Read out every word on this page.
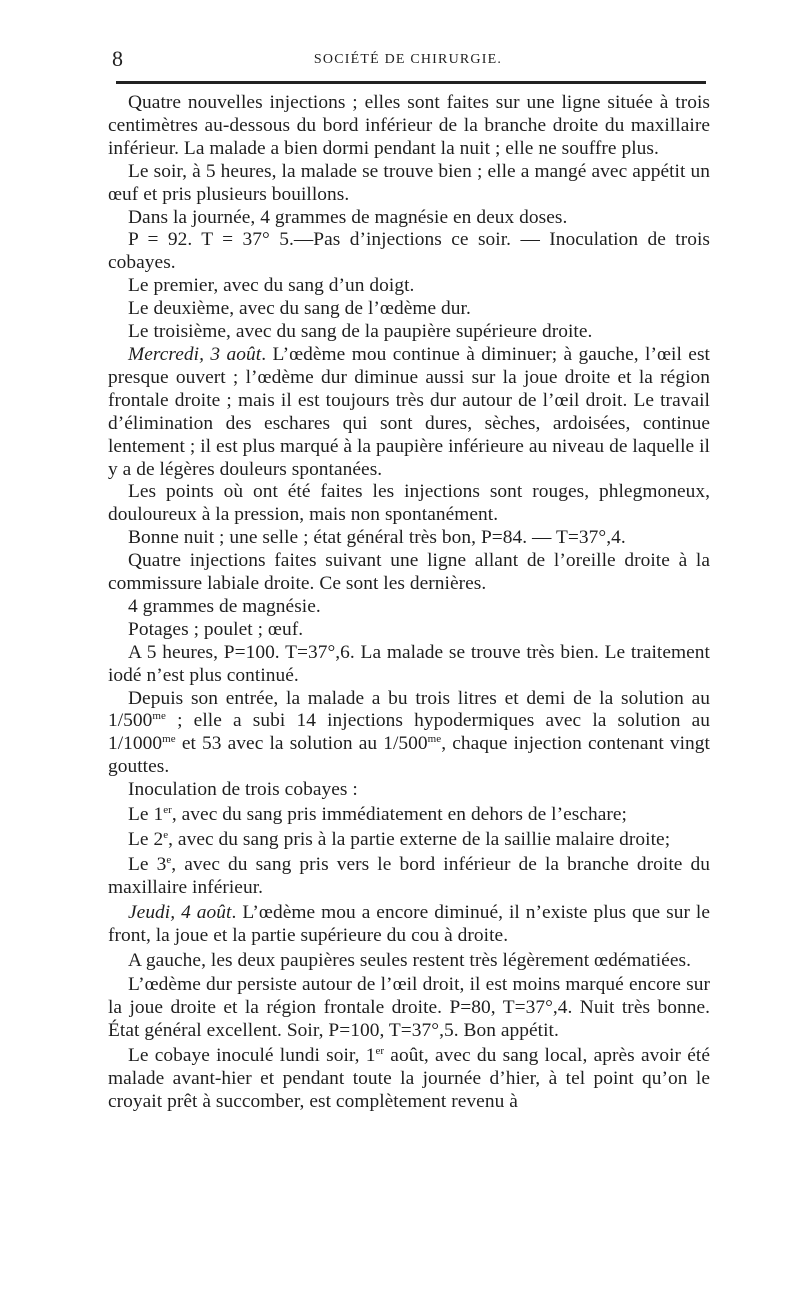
8	SOCIÉTÉ DE CHIRURGIE.

Quatre nouvelles injections ; elles sont faites sur une ligne située à trois centimètres au-dessous du bord inférieur de la branche droite du maxillaire inférieur. La malade a bien dormi pendant la nuit ; elle ne souffre plus.

Le soir, à 5 heures, la malade se trouve bien ; elle a mangé avec appétit un œuf et pris plusieurs bouillons.

Dans la journée, 4 grammes de magnésie en deux doses.

P = 92. T = 37° 5.—Pas d’injections ce soir. — Inoculation de trois cobayes.

Le premier, avec du sang d’un doigt.

Le deuxième, avec du sang de l’œdème dur.

Le troisième, avec du sang de la paupière supérieure droite.

Mercredi, 3 août. L’œdème mou continue à diminuer; à gauche, l’œil est presque ouvert ; l’œdème dur diminue aussi sur la joue droite et la région frontale droite ; mais il est toujours très dur autour de l’œil droit. Le travail d’élimination des eschares qui sont dures, sèches, ardoisées, continue lentement ; il est plus marqué à la paupière inférieure au niveau de laquelle il y a de légères douleurs spontanées.

Les points où ont été faites les injections sont rouges, phlegmoneux, douloureux à la pression, mais non spontanément.

Bonne nuit ; une selle ; état général très bon, P=84. — T=37°,4.

Quatre injections faites suivant une ligne allant de l’oreille droite à la commissure labiale droite. Ce sont les dernières.

4 grammes de magnésie.

Potages ; poulet ; œuf.

A 5 heures, P=100. T=37°,6. La malade se trouve très bien. Le traitement iodé n’est plus continué.

Depuis son entrée, la malade a bu trois litres et demi de la solution au $1/500^{me}$ ; elle a subi 14 injections hypodermiques avec la solution au $1/1000^{me}$ et 53 avec la solution au $1/500^{me}$, chaque injection contenant vingt gouttes.

Inoculation de trois cobayes :

Le 1er, avec du sang pris immédiatement en dehors de l’eschare;

Le 2e, avec du sang pris à la partie externe de la saillie malaire droite;

Le 3e, avec du sang pris vers le bord inférieur de la branche droite du maxillaire inférieur.

Jeudi, 4 août. L’œdème mou a encore diminué, il n’existe plus que sur le front, la joue et la partie supérieure du cou à droite.

A gauche, les deux paupières seules restent très légèrement œdématiées.

L’œdème dur persiste autour de l’œil droit, il est moins marqué encore sur la joue droite et la région frontale droite. P=80, T=37°,4. Nuit très bonne. État général excellent. Soir, P=100, T=37°,5. Bon appétit.

Le cobaye inoculé lundi soir, 1er août, avec du sang local, après avoir été malade avant-hier et pendant toute la journée d’hier, à tel point qu’on le croyait prêt à succomber, est complètement revenu à
